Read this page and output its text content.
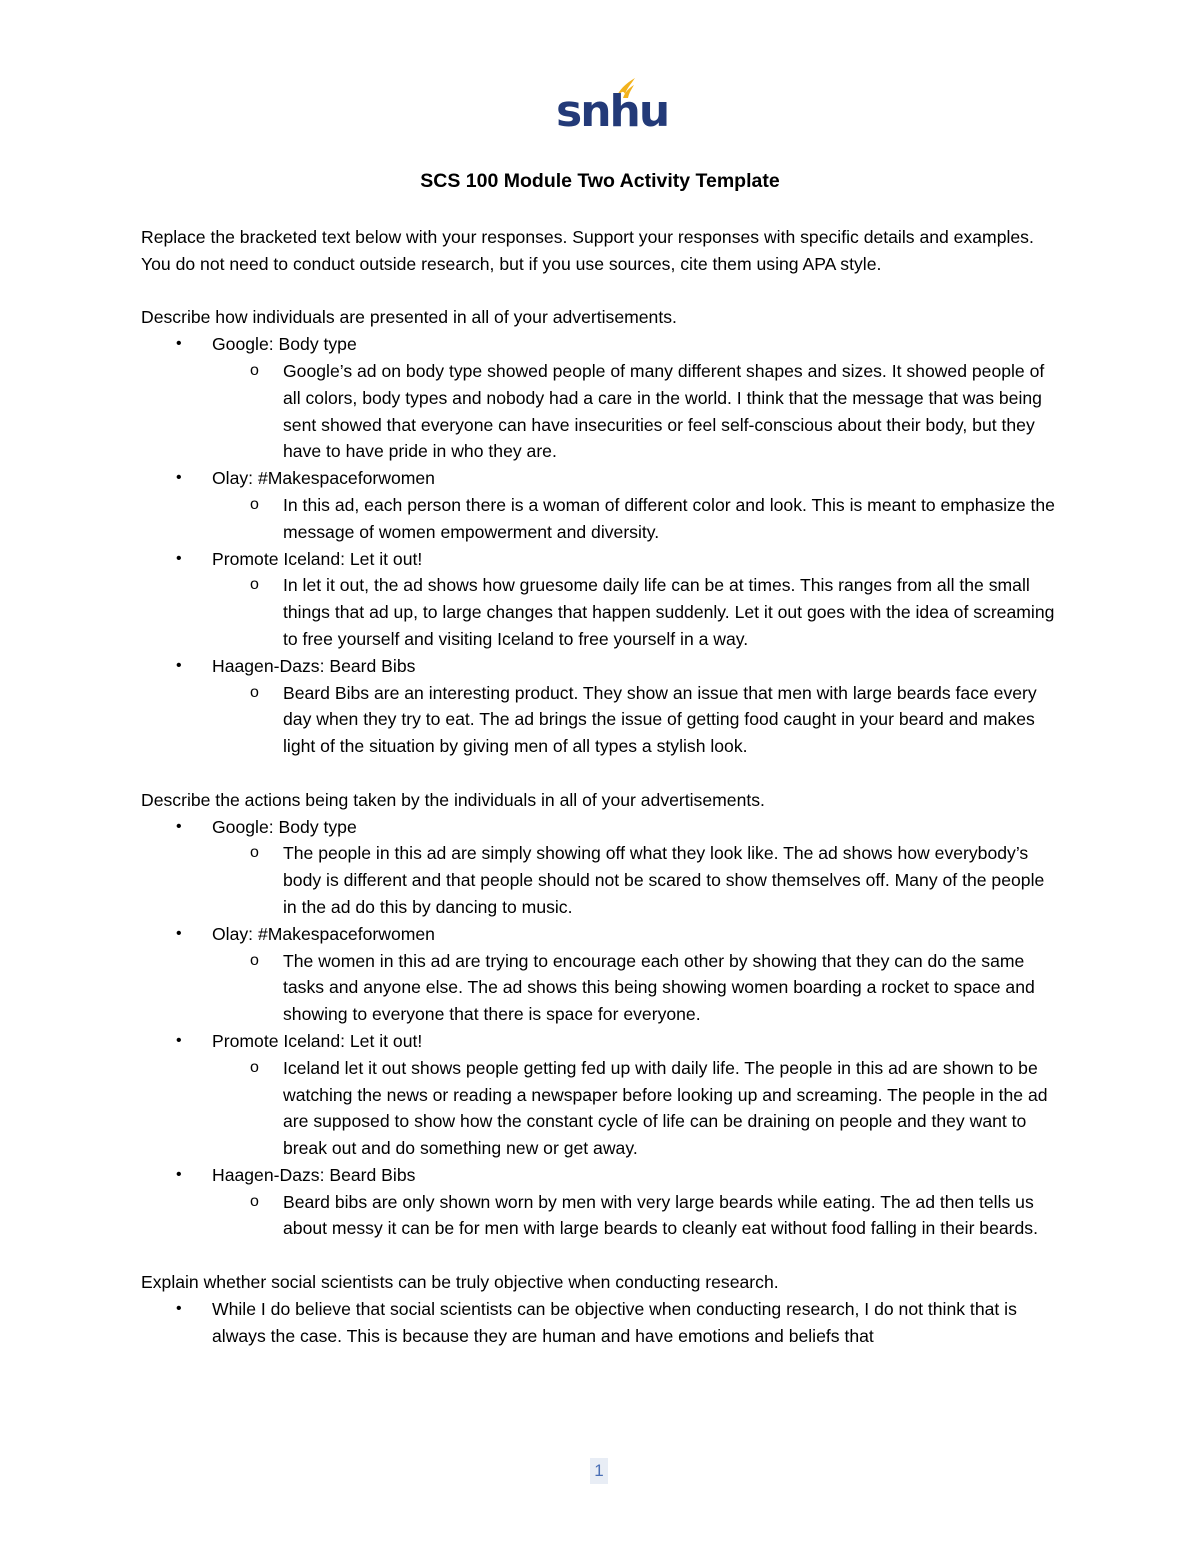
snhu
SCS 100 Module Two Activity Template

Replace the bracketed text below with your responses. Support your responses with specific details and examples. You do not need to conduct outside research, but if you use sources, cite them using APA style.

Describe how individuals are presented in all of your advertisements.

• Google: Body type
o Google’s ad on body type showed people of many different shapes and sizes. It showed people of all colors, body types and nobody had a care in the world. I think that the message that was being sent showed that everyone can have insecurities or feel self-conscious about their body, but they have to have pride in who they are.
• Olay: #Makespaceforwomen
o In this ad, each person there is a woman of different color and look. This is meant to emphasize the message of women empowerment and diversity.
• Promote Iceland: Let it out!
o In let it out, the ad shows how gruesome daily life can be at times. This ranges from all the small things that ad up, to large changes that happen suddenly. Let it out goes with the idea of screaming to free yourself and visiting Iceland to free yourself in a way.
• Haagen-Dazs: Beard Bibs
o Beard Bibs are an interesting product. They show an issue that men with large beards face every day when they try to eat. The ad brings the issue of getting food caught in your beard and makes light of the situation by giving men of all types a stylish look.

Describe the actions being taken by the individuals in all of your advertisements.

• Google: Body type
o The people in this ad are simply showing off what they look like. The ad shows how everybody’s body is different and that people should not be scared to show themselves off. Many of the people in the ad do this by dancing to music.
• Olay: #Makespaceforwomen
o The women in this ad are trying to encourage each other by showing that they can do the same tasks and anyone else. The ad shows this being showing women boarding a rocket to space and showing to everyone that there is space for everyone.
• Promote Iceland: Let it out!
o Iceland let it out shows people getting fed up with daily life. The people in this ad are shown to be watching the news or reading a newspaper before looking up and screaming. The people in the ad are supposed to show how the constant cycle of life can be draining on people and they want to break out and do something new or get away.
• Haagen-Dazs: Beard Bibs
o Beard bibs are only shown worn by men with very large beards while eating. The ad then tells us about messy it can be for men with large beards to cleanly eat without food falling in their beards.

Explain whether social scientists can be truly objective when conducting research.

• While I do believe that social scientists can be objective when conducting research, I do not think that is always the case. This is because they are human and have emotions and beliefs that
1
